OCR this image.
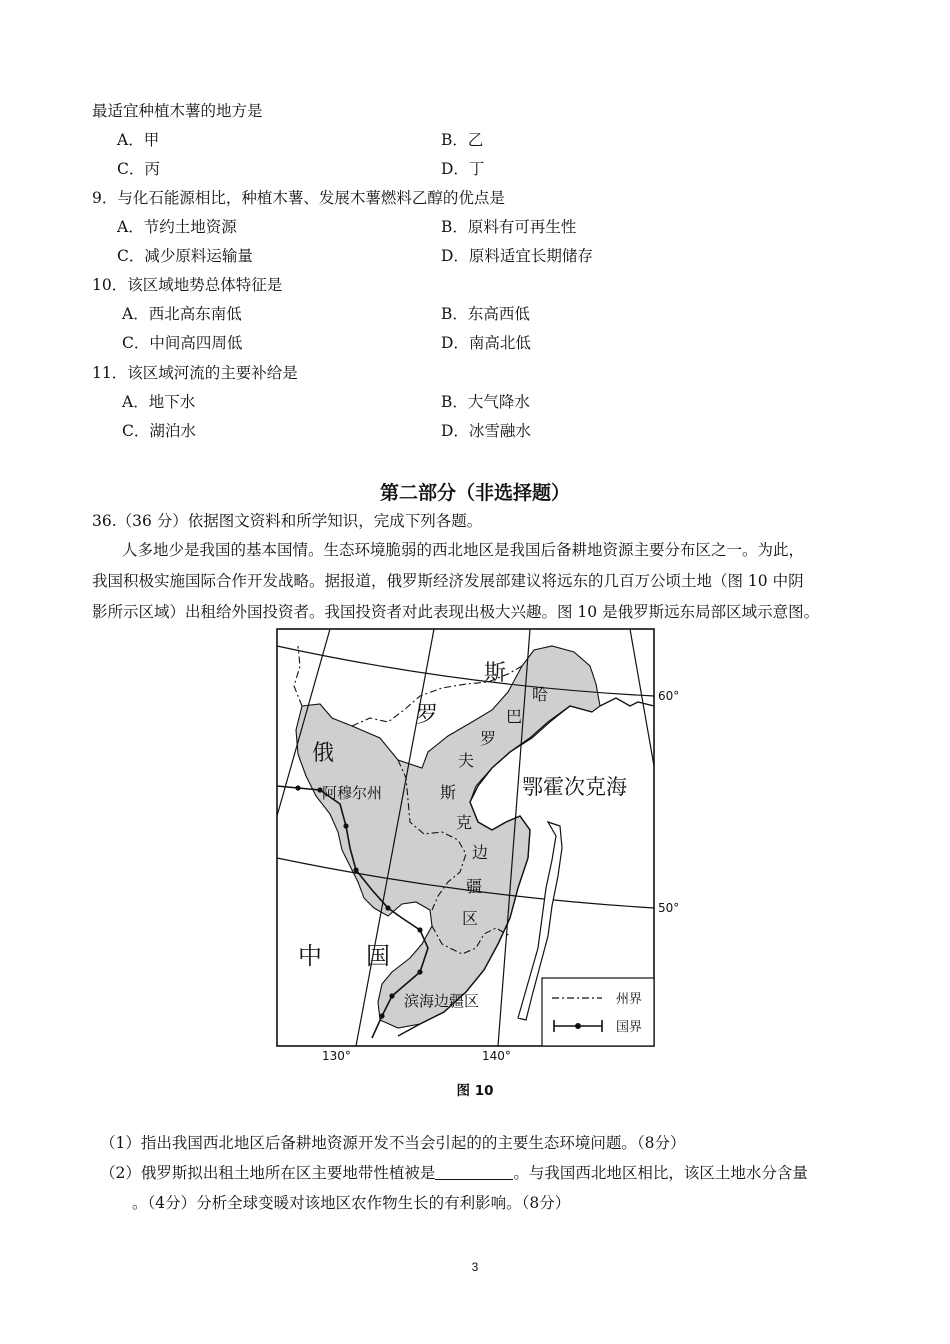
最适宜种植木薯的地方是
A．甲	B．乙
C．丙	D．丁
9．与化石能源相比，种植木薯、发展木薯燃料乙醇的优点是
A．节约土地资源	B．原料有可再生性
C．减少原料运输量	D．原料适宜长期储存
10．该区域地势总体特征是
A．西北高东南低	B．东高西低
C．中间高四周低	D．南高北低
11．该区域河流的主要补给是
A．地下水	B．大气降水
C．湖泊水	D．冰雪融水
第二部分（非选择题）
36.（36 分）依据图文资料和所学知识，完成下列各题。
人多地少是我国的基本国情。生态环境脆弱的西北地区是我国后备耕地资源主要分布区之一。为此，
我国积极实施国际合作开发战略。据报道，俄罗斯经济发展部建议将远东的几百万公顷土地（图 10 中阴
影所示区域）出租给外国投资者。我国投资者对此表现出极大兴趣。图 10 是俄罗斯远东局部区域示意图。
斯
罗
俄
哈
巴
罗
夫
斯
克
边
疆
区
阿穆尔州	鄂霍次克海
中 国
滨海边疆区
60°
50°
130°	140°
州界
国界
图 10
（1）指出我国西北地区后备耕地资源开发不当会引起的的主要生态环境问题。（8分）
（2）俄罗斯拟出租土地所在区主要地带性植被是	。与我国西北地区相比，该区土地水分含量
。（4分）分析全球变暖对该地区农作物生长的有利影响。（8分）
3
